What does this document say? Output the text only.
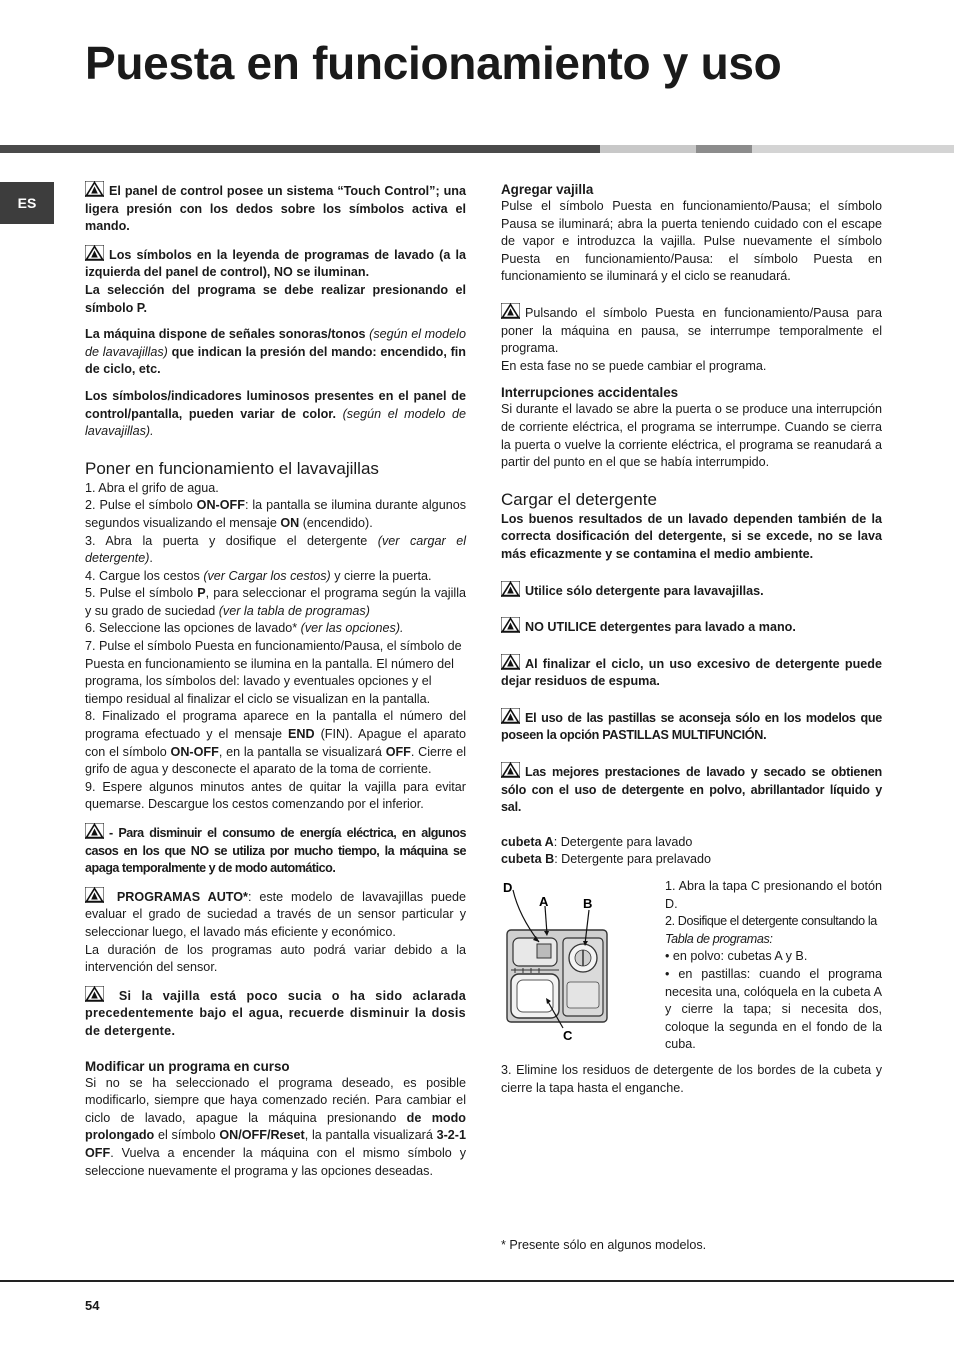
Puesta en funcionamiento y uso
ES

El panel de control posee un sistema “Touch Control”; una ligera presión con los dedos sobre los símbolos activa el mando.

Los símbolos en la leyenda de programas de lavado (a la izquierda del panel de control), NO se iluminan.
La selección del programa se debe realizar presionando el símbolo P.

La máquina dispone de señales sonoras/tonos (según el modelo de lavavajillas) que indican la presión del mando: encendido, fin de ciclo, etc.

Los símbolos/indicadores luminosos presentes en el panel de control/pantalla, pueden variar de color. (según el modelo de lavavajillas).

Poner en funcionamiento el lavavajillas

1. Abra el grifo de agua.

2. Pulse el símbolo ON-OFF: la pantalla se ilumina durante algunos segundos visualizando el mensaje ON (encendido).

3. Abra la puerta y dosifique el detergente (ver cargar el detergente).

4. Cargue los cestos (ver Cargar los cestos) y cierre la puerta.

5. Pulse el símbolo P, para seleccionar el programa según la vajilla y su grado de suciedad (ver la tabla de programas)

6. Seleccione las opciones de lavado* (ver las opciones).

7. Pulse el símbolo Puesta en funcionamiento/Pausa, el símbolo de Puesta en funcionamiento se ilumina en la pantalla. El número del programa, los símbolos del: lavado y eventuales opciones y el tiempo residual al finalizar el ciclo se visualizan en la pantalla.

8. Finalizado el programa aparece en la pantalla el número del programa efectuado y el mensaje END (FIN). Apague el aparato con el símbolo ON-OFF, en la pantalla se visualizará OFF. Cierre el grifo de agua y desconecte el aparato de la toma de corriente.

9. Espere algunos minutos antes de quitar la vajilla para evitar quemarse. Descargue los cestos comenzando por el inferior.

- Para disminuir el consumo de energía eléctrica, en algunos casos en los que NO se utiliza por mucho tiempo, la máquina se apaga temporalmente y de modo automático.

PROGRAMAS AUTO*: este modelo de lavavajillas puede evaluar el grado de suciedad a través de un sensor particular y seleccionar luego, el lavado más eficiente y económico.
La duración de los programas auto podrá variar debido a la intervención del sensor.

Si la vajilla está poco sucia o ha sido aclarada precedentemente bajo el agua, recuerde disminuir la dosis de detergente.

Modificar un programa en curso

Si no se ha seleccionado el programa deseado, es posible modificarlo, siempre que haya comenzado recién. Para cambiar el ciclo de lavado, apague la máquina presionando de modo prolongado el símbolo ON/OFF/Reset, la pantalla visualizará 3-2-1 OFF. Vuelva a encender la máquina con el mismo símbolo y seleccione nuevamente el programa y las opciones deseadas.

Agregar vajilla

Pulse el símbolo Puesta en funcionamiento/Pausa; el símbolo Pausa se iluminará; abra la puerta teniendo cuidado con el escape de vapor e introduzca la vajilla. Pulse nuevamente el símbolo Puesta en funcionamiento/Pausa: el símbolo Puesta en funcionamiento se iluminará y el ciclo se reanudará.

Pulsando el símbolo Puesta en funcionamiento/Pausa para poner la máquina en pausa, se interrumpe temporalmente el programa.
En esta fase no se puede cambiar el programa.

Interrupciones accidentales

Si durante el lavado se abre la puerta o se produce una interrupción de corriente eléctrica, el programa se interrumpe. Cuando se cierra la puerta o vuelve la corriente eléctrica, el programa se reanudará a partir del punto en el que se había interrumpido.

Cargar el detergente

Los buenos resultados de un lavado dependen también de la correcta dosificación del detergente, si se excede, no se lava más eficazmente y se contamina el medio ambiente.

Utilice sólo detergente para lavavajillas.

NO UTILICE detergentes para lavado a mano.

Al finalizar el ciclo, un uso excesivo de detergente puede dejar residuos de espuma.

El uso de las pastillas se aconseja sólo en los modelos que poseen la opción PASTILLAS MULTIFUNCIÓN.

Las mejores prestaciones de lavado y secado se obtienen sólo con el uso de detergente en polvo, abrillantador líquido y sal.

cubeta A: Detergente para lavado

cubeta B: Detergente para prelavado

D
A	B
C

1. Abra la tapa C presionando el botón D.

2. Dosifique el detergente consultando la Tabla de programas:

• en polvo: cubetas A y B.

• en pastillas: cuando el programa necesita una, colóquela en la cubeta A y cierre la tapa; si necesita dos, coloque la segunda en el fondo de la cuba.

3. Elimine los residuos de detergente de los bordes de la cubeta y cierre la tapa hasta el enganche.

* Presente sólo en algunos modelos.
54
